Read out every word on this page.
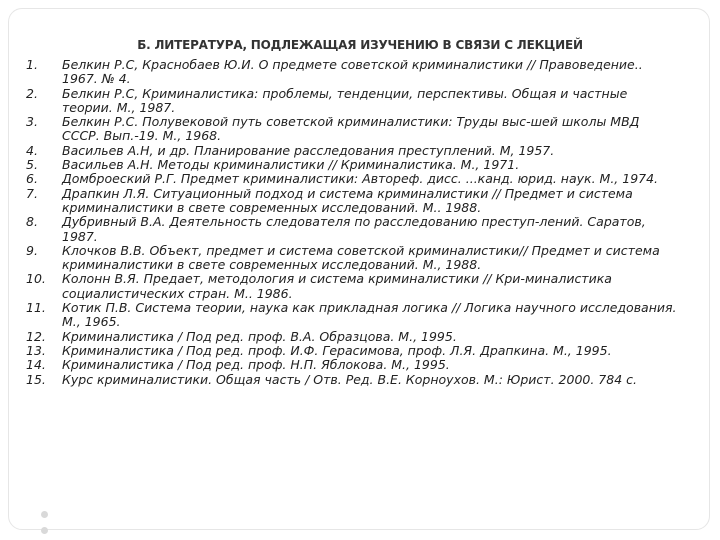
Б. ЛИТЕРАТУРА, ПОДЛЕЖАЩАЯ ИЗУЧЕНИЮ В СВЯЗИ С ЛЕКЦИЕЙ
1.	Белкин Р.С, Краснобаев Ю.И. О предмете советской криминалистики // Правоведение.. 1967. № 4.
2.	Белкин Р.С, Криминалистика: проблемы, тенденции, перспективы. Общая и частные теории. М., 1987.
3.	Белкин Р.С. Полувековой путь советской криминалистики: Труды выс-шей школы МВД СССР. Вып.-19. М., 1968.
4.	Васильев А.Н, и др. Планирование расследования преступлений. М, 1957.
5.	Васильев А.Н. Методы криминалистики // Криминалистика. М., 1971.
6.	Домброеский Р.Г. Предмет криминалистики: Автореф. дисс. ...канд. юрид. наук. М., 1974.
7.	Драпкин Л.Я. Ситуационный подход и система криминалистики // Предмет и система криминалистики в свете современных исследований. М.. 1988.
8.	Дубривный В.А. Деятельность следователя по расследованию преступ-лений. Саратов, 1987.
9.	Клочков В.В. Объект, предмет и система советской криминалистики// Предмет и система криминалистики в свете современных исследований. М., 1988.
10.	Колонн В.Я. Предает, методология и система криминалистики // Кри-миналистика социалистических стран. М.. 1986.
11.	Котик П.В. Система теории, наука как прикладная логика // Логика научного исследования. М., 1965.
12.	Криминалистика / Под ред. проф. В.А. Образцова. М., 1995.
13.	Криминалистика / Под ред. проф. И.Ф. Герасимова, проф. Л.Я. Драпкина. М., 1995.
14.	Криминалистика / Под ред. проф. Н.П. Яблокова. М., 1995.
15.	Курс криминалистики. Общая часть / Отв. Ред. В.Е. Корноухов. М.: Юрист. 2000. 784 с.
